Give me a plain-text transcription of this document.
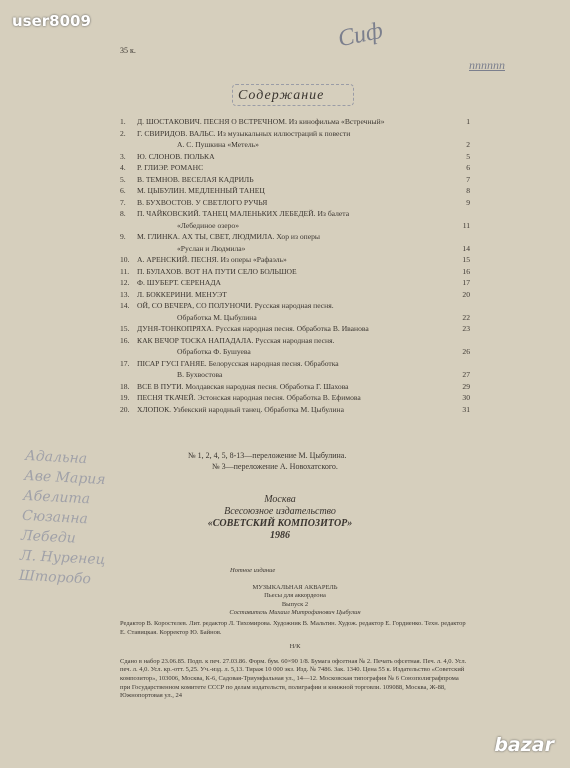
user8009
35 к.	Сиф
пппппп
Содержание
1.	Д. ШОСТАКОВИЧ. ПЕСНЯ О ВСТРЕЧНОМ. Из кинофильма «Встречный»	1
2.	Г. СВИРИДОВ. ВАЛЬС. Из музыкальных иллюстраций к повести
А. С. Пушкина «Метель»	2
3.	Ю. СЛОНОВ. ПОЛЬКА	5
4.	Р. ГЛИЭР. РОМАНС	6
5.	В. ТЕМНОВ. ВЕСЕЛАЯ КАДРИЛЬ	7
6.	М. ЦЫБУЛИН. МЕДЛЕННЫЙ ТАНЕЦ	8
7.	В. БУХВОСТОВ. У СВЕТЛОГО РУЧЬЯ	9
8.	П. ЧАЙКОВСКИЙ. ТАНЕЦ МАЛЕНЬКИХ ЛЕБЕДЕЙ. Из балета
«Лебединое озеро»	11
9.	М. ГЛИНКА. АХ ТЫ, СВЕТ, ЛЮДМИЛА. Хор из оперы
«Руслан и Людмила»	14
10. А. АРЕНСКИЙ. ПЕСНЯ. Из оперы «Рафаэль»	15
11.	П. БУЛАХОВ. ВОТ НА ПУТИ СЕЛО БОЛЬШОЕ	16
12. Ф. ШУБЕРТ. СЕРЕНАДА	17
13. Л. БОККЕРИНИ. МЕНУЭТ	20
14. ОЙ, СО ВЕЧЕРА, СО ПОЛУНОЧИ. Русская народная песня.
Обработка М. Цыбулина	22
15. ДУНЯ-ТОНКОПРЯХА. Русская народная песня. Обработка В. Иванова	23
16. КАК ВЕЧОР ТОСКА НАПАДАЛА. Русская народная песня.
Обработка Ф. Бушуева	26
17. ПІСАР ГУСІ ГАНЯЕ. Белорусская народная песня. Обработка
В. Бухвостова	27
18. ВСЕ В ПУТИ. Молдавская народная песня. Обработка Г. Шахова	29
19. ПЕСНЯ ТКАЧЕЙ. Эстонская народная песня. Обработка В. Ефимова	30
20. ХЛОПОК. Узбекский народный танец. Обработка М. Цыбулина	31
№ 1, 2, 4, 5, 8-13—переложение М. Цыбулина.
№ 3—переложение А. Новохатского.
Адальна
Аве Мария
Абелита
Сюзанна
Лебеди
Л. Нуренец
Шторобо
Москва
Всесоюзное издательство
«СОВЕТСКИЙ КОМПОЗИТОР»
1986
Нотное издание
МУЗЫКАЛЬНАЯ АКВАРЕЛЬ
Пьесы для аккордеона
Выпуск 2
Составитель Михаил Митрофанович Цыбулин
Редактор В. Коростелев. Лит. редактор Л. Тихомирова. Художник В. Мальтин. Худож. редактор Е. Гордиенко. Техн. редактор Е. Ставицкая. Корректор Ю. Байнов.
Н/К
Сдано в набор 23.06.85. Подп. к печ. 27.03.86. Форм. бум. 60×90 1/8. Бумага офсетная № 2. Печать офсетная. Печ. л. 4,0. Усл. печ. л. 4,0. Усл. кр.-отт. 5,25. Уч.-изд. л. 5,13. Тираж 10 000 экз. Изд. № 7486. Зак. 1340. Цена 55 к. Издательство «Советский композитор», 103006, Москва, К-6, Садовая-Триумфальная ул., 14—12. Московская типография № 6 Союзполиграфпрома при Государственном комитете СССР по делам издательств, полиграфии и книжной торговли. 109088, Москва, Ж-88, Южнопортовая ул., 24
bazar
